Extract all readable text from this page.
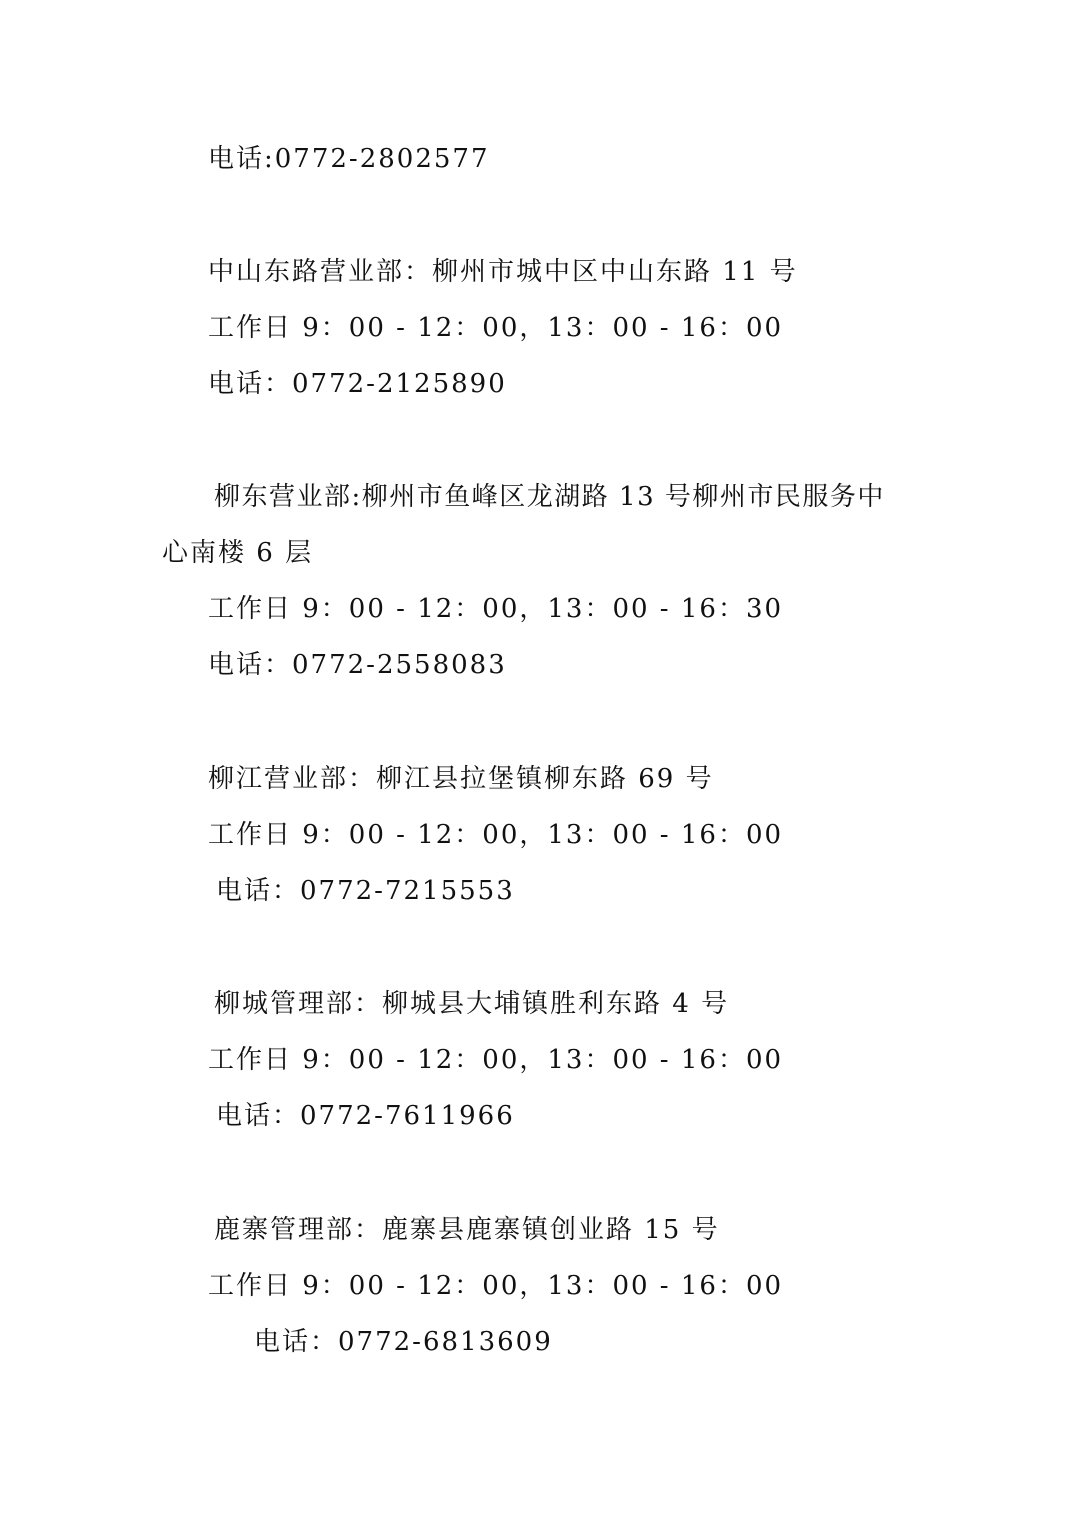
电话:0772-2802577
中山东路营业部：柳州市城中区中山东路 11 号
工作日 9：00 - 12：00，13：00 - 16：00
电话：0772-2125890
柳东营业部:柳州市鱼峰区龙湖路 13 号柳州市民服务中
心南楼 6 层
工作日 9：00 - 12：00，13：00 - 16：30
电话：0772-2558083
柳江营业部：柳江县拉堡镇柳东路 69 号
工作日 9：00 - 12：00，13：00 - 16：00
电话：0772-7215553
柳城管理部：柳城县大埔镇胜利东路 4 号
工作日 9：00 - 12：00，13：00 - 16：00
电话：0772-7611966
鹿寨管理部：鹿寨县鹿寨镇创业路 15 号
工作日 9：00 - 12：00，13：00 - 16：00
电话：0772-6813609
